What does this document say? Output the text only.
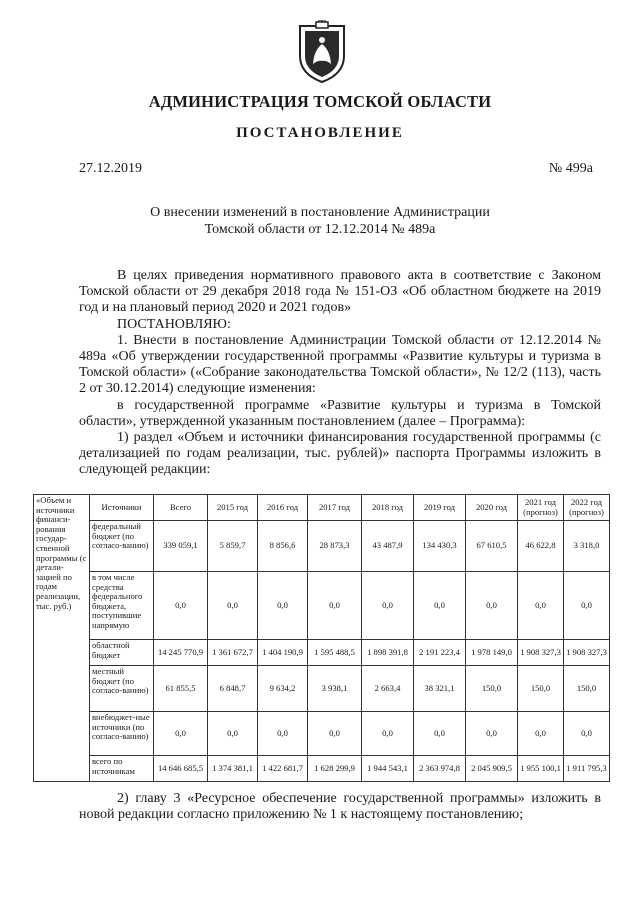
АДМИНИСТРАЦИЯ ТОМСКОЙ ОБЛАСТИ
ПОСТАНОВЛЕНИЕ
27.12.2019	№ 499а
О внесении изменений в постановление Администрации
Томской области от 12.12.2014 № 489а

В целях приведения нормативного правового акта в соответствие с Законом Томской области от 29 декабря 2018 года № 151-ОЗ «Об областном бюджете на 2019 год и на плановый период 2020 и 2021 годов»

ПОСТАНОВЛЯЮ:

1. Внести в постановление Администрации Томской области от 12.12.2014 № 489а «Об утверждении государственной программы «Развитие культуры и туризма в Томской области» («Собрание законодательства Томской области», № 12/2 (113), часть 2 от 30.12.2014) следующие изменения:

в государственной программе «Развитие культуры и туризма в Томской области», утвержденной указанным постановлением (далее – Программа):

1) раздел «Объем и источники финансирования государственной программы (с детализацией по годам реализации, тыс. рублей)» паспорта Программы изложить в следующей редакции:

«Объем и источники финанси-рования государ-ственной программы (с детали-зацией по годам реализации, тыс. руб.)	Источники	Всего	2015 год	2016 год	2017 год	2018 год	2019 год	2020 год	2021 год (прогноз)	2022 год (прогноз)
	федеральный бюджет (по согласо-ванию)	339 059,1	5 859,7	8 856,6	28 873,3	43 487,9	134 430,3	67 610,5	46 622,8	3 318,0
	в том числе средства федерального бюджета, поступившие напрямую	0,0	0,0	0,0	0,0	0,0	0,0	0,0	0,0	0,0
	областной бюджет	14 245 770,9	1 361 672,7	1 404 190,9	1 595 488,5	1 898 391,8	2 191 223,4	1 978 149,0	1 908 327,3	1 908 327,3
	местный бюджет (по согласо-ванию)	61 855,5	6 848,7	9 634,2	3 938,1	2 663,4	38 321,1	150,0	150,0	150,0
	внебюджет-ные источники (по согласо-ванию)	0,0	0,0	0,0	0,0	0,0	0,0	0,0	0,0	0,0
	всего по источникам	14 646 685,5	1 374 381,1	1 422 681,7	1 628 299,9	1 944 543,1	2 363 974,8	2 045 909,5	1 955 100,1	1 911 795,3

2) главу 3 «Ресурсное обеспечение государственной программы» изложить в новой редакции согласно приложению № 1 к настоящему постановлению;
